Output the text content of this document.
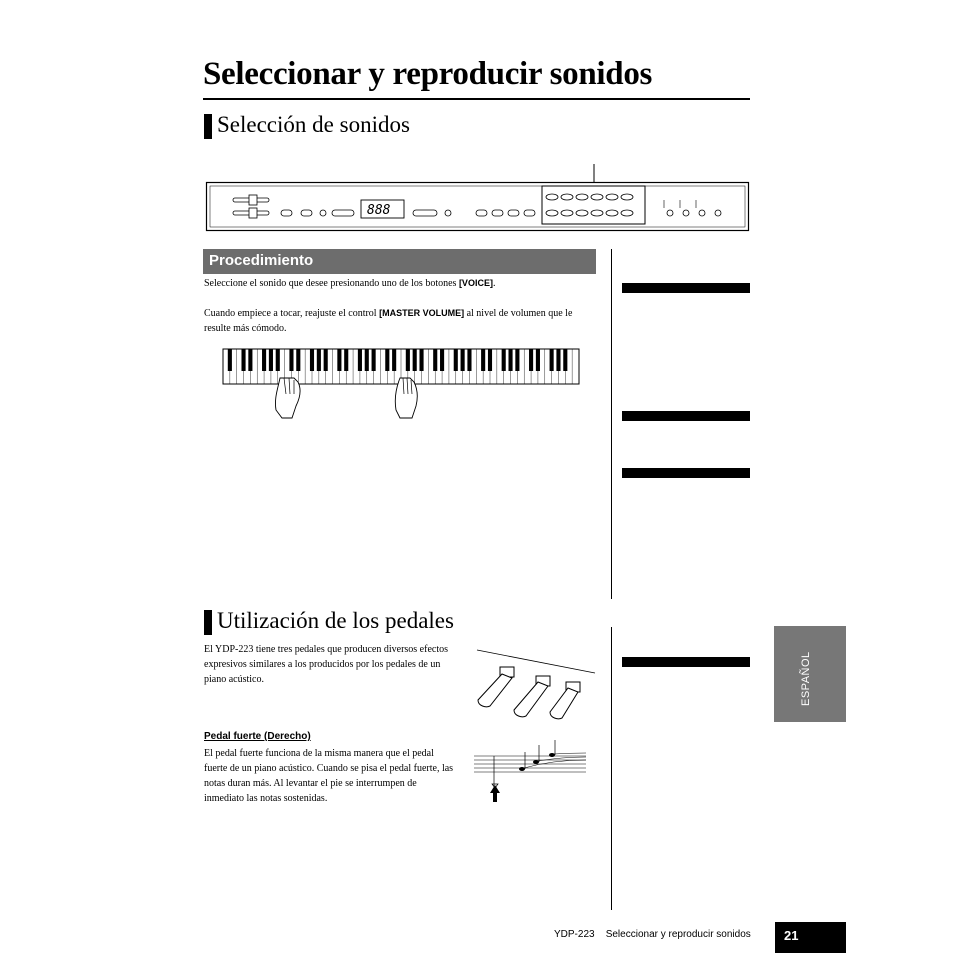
Seleccionar y reproducir sonidos
Selección de sonidos
888
Procedimiento
Seleccione el sonido que desee presionando uno de los botones [VOICE].
Cuando empiece a tocar, reajuste el control [MASTER VOLUME] al nivel de volumen que le resulte más cómodo.
Utilización de los pedales
El YDP-223 tiene tres pedales que producen diversos efectos expresivos similares a los producidos por los pedales de un piano acústico.
Pedal fuerte (Derecho)
El pedal fuerte funciona de la misma manera que el pedal fuerte de un piano acústico. Cuando se pisa el pedal fuerte, las notas duran más. Al levantar el pie se interrumpen de inmediato las notas sostenidas.
ESPAÑOL
YDP-223 Seleccionar y reproducir sonidos	21
